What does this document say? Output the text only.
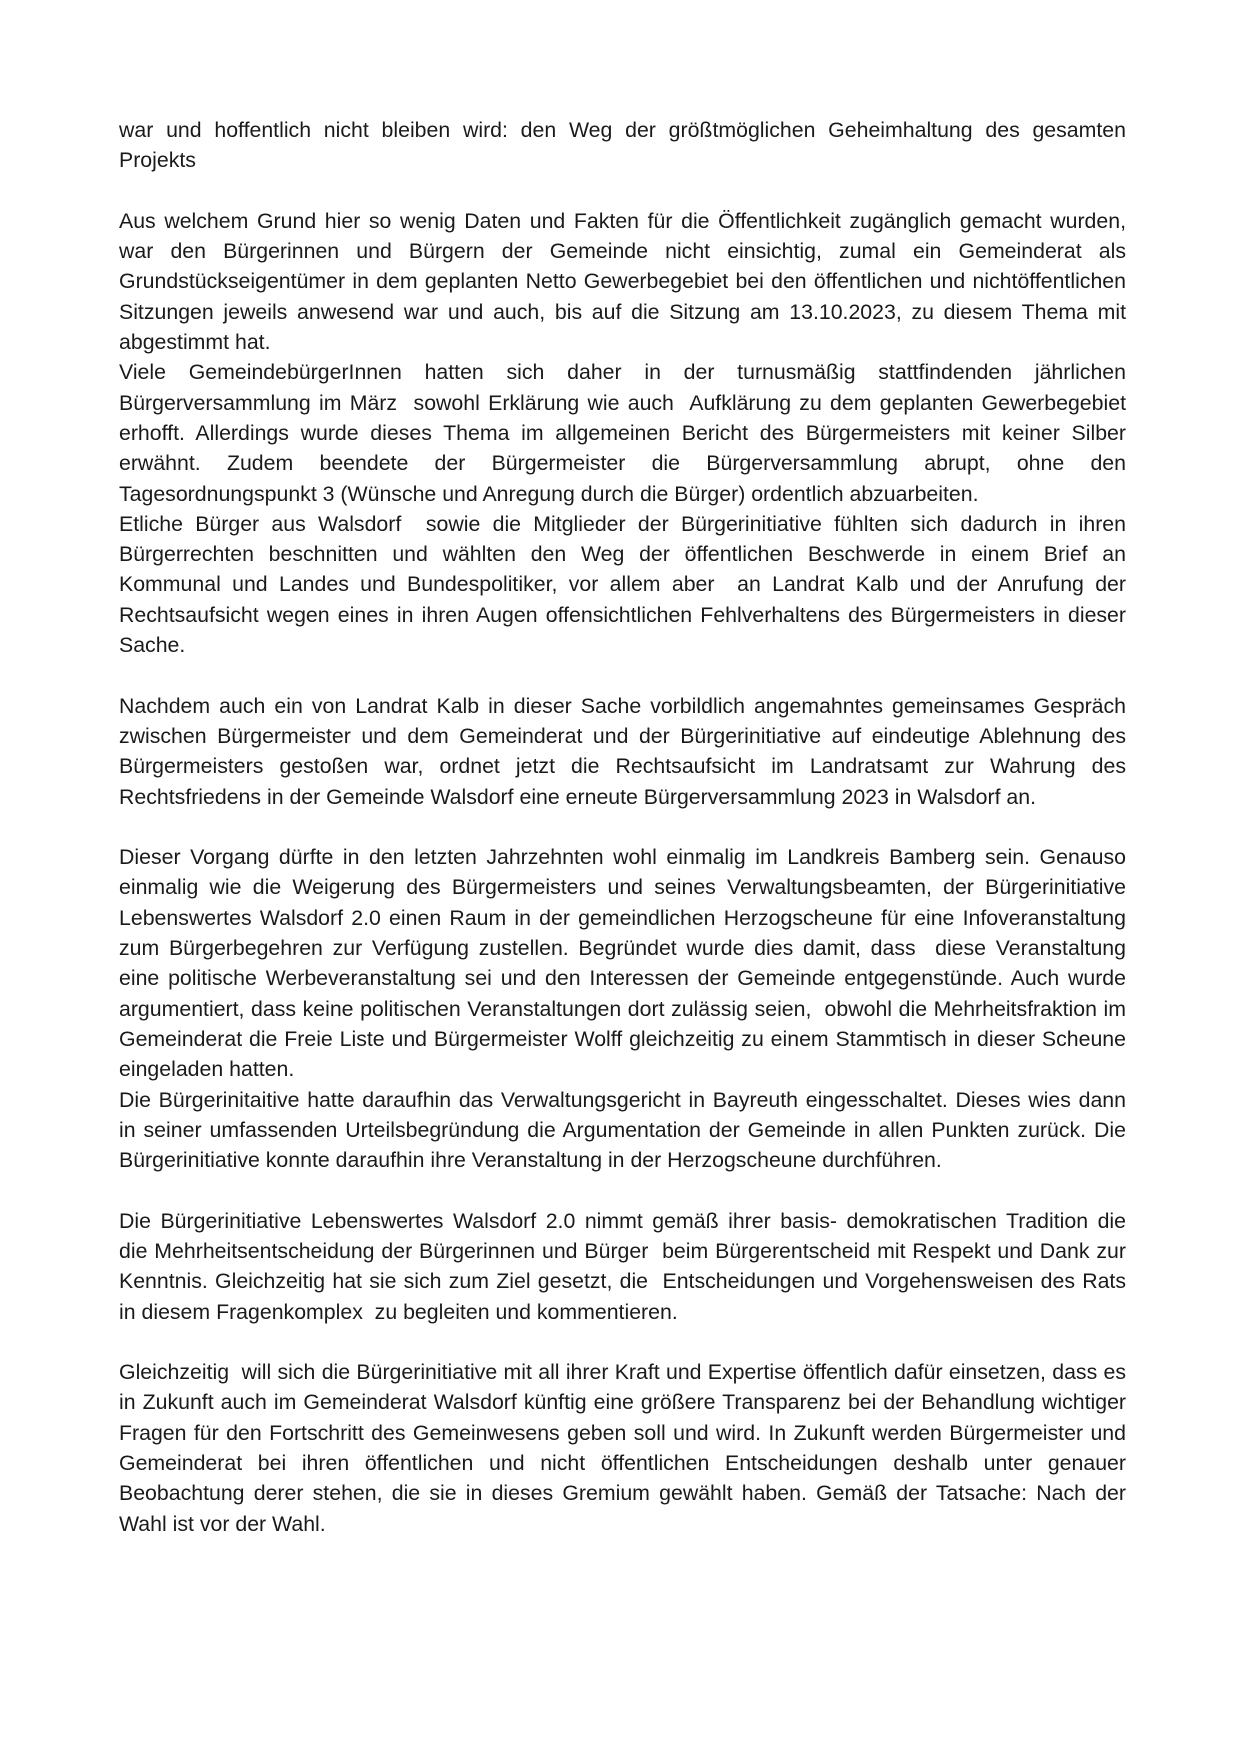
war und hoffentlich nicht bleiben wird: den Weg der größtmöglichen Geheimhaltung des gesamten Projekts

Aus welchem Grund hier so wenig Daten und Fakten für die Öffentlichkeit zugänglich gemacht wurden, war den Bürgerinnen und Bürgern der Gemeinde nicht einsichtig, zumal ein Gemeinderat als Grundstückseigentümer in dem geplanten Netto Gewerbegebiet bei den öffentlichen und nichtöffentlichen  Sitzungen jeweils anwesend war und auch, bis auf die Sitzung am 13.10.2023, zu diesem Thema mit abgestimmt hat.

Viele GemeindebürgerInnen hatten sich daher in der turnusmäßig stattfindenden jährlichen Bürgerversammlung im März  sowohl Erklärung wie auch  Aufklärung zu dem geplanten Gewerbegebiet erhofft. Allerdings wurde dieses Thema im allgemeinen Bericht des Bürgermeisters mit keiner Silber erwähnt. Zudem beendete der Bürgermeister die Bürgerversammlung abrupt, ohne den Tagesordnungspunkt 3 (Wünsche und Anregung durch die Bürger) ordentlich abzuarbeiten.

Etliche Bürger aus Walsdorf  sowie die Mitglieder der Bürgerinitiative fühlten sich dadurch in ihren Bürgerrechten beschnitten und wählten den Weg der öffentlichen Beschwerde in einem Brief an Kommunal und Landes und Bundespolitiker, vor allem aber  an Landrat Kalb und der Anrufung der Rechtsaufsicht wegen eines in ihren Augen offensichtlichen Fehlverhaltens des Bürgermeisters in dieser Sache.

Nachdem auch ein von Landrat Kalb in dieser Sache vorbildlich angemahntes gemeinsames Gespräch zwischen Bürgermeister und dem Gemeinderat und der Bürgerinitiative auf eindeutige Ablehnung des Bürgermeisters gestoßen war, ordnet jetzt die Rechtsaufsicht im Landratsamt zur Wahrung des Rechtsfriedens in der Gemeinde Walsdorf eine erneute Bürgerversammlung 2023 in Walsdorf an.

Dieser Vorgang dürfte in den letzten Jahrzehnten wohl einmalig im Landkreis Bamberg sein. Genauso einmalig wie die Weigerung des Bürgermeisters und seines Verwaltungsbeamten, der Bürgerinitiative Lebenswertes Walsdorf 2.0 einen Raum in der gemeindlichen Herzogscheune für eine Infoveranstaltung zum Bürgerbegehren zur Verfügung zustellen. Begründet wurde dies damit, dass  diese Veranstaltung eine politische Werbeveranstaltung sei und den Interessen der Gemeinde entgegenstünde. Auch wurde argumentiert, dass keine politischen Veranstaltungen dort zulässig seien,  obwohl die Mehrheitsfraktion im Gemeinderat die Freie Liste und Bürgermeister Wolff gleichzeitig zu einem Stammtisch in dieser Scheune eingeladen hatten.

Die Bürgerinitaitive hatte daraufhin das Verwaltungsgericht in Bayreuth eingesschaltet. Dieses wies dann in seiner umfassenden Urteilsbegründung die Argumentation der Gemeinde in allen Punkten zurück. Die Bürgerinitiative konnte daraufhin ihre Veranstaltung in der Herzogscheune durchführen.

Die Bürgerinitiative Lebenswertes Walsdorf 2.0 nimmt gemäß ihrer basis- demokratischen Tradition die  die Mehrheitsentscheidung der Bürgerinnen und Bürger  beim Bürgerentscheid mit Respekt und Dank zur Kenntnis. Gleichzeitig hat sie sich zum Ziel gesetzt, die  Entscheidungen und Vorgehensweisen des Rats in diesem Fragenkomplex  zu begleiten und kommentieren.

Gleichzeitig  will sich die Bürgerinitiative mit all ihrer Kraft und Expertise öffentlich dafür einsetzen, dass es in Zukunft auch im Gemeinderat Walsdorf künftig eine größere Transparenz bei der Behandlung wichtiger Fragen für den Fortschritt des Gemeinwesens geben soll und wird. In Zukunft werden Bürgermeister und Gemeinderat bei ihren öffentlichen und nicht öffentlichen Entscheidungen deshalb unter genauer Beobachtung derer stehen, die sie in dieses Gremium gewählt haben. Gemäß der Tatsache: Nach der Wahl ist vor der Wahl.
